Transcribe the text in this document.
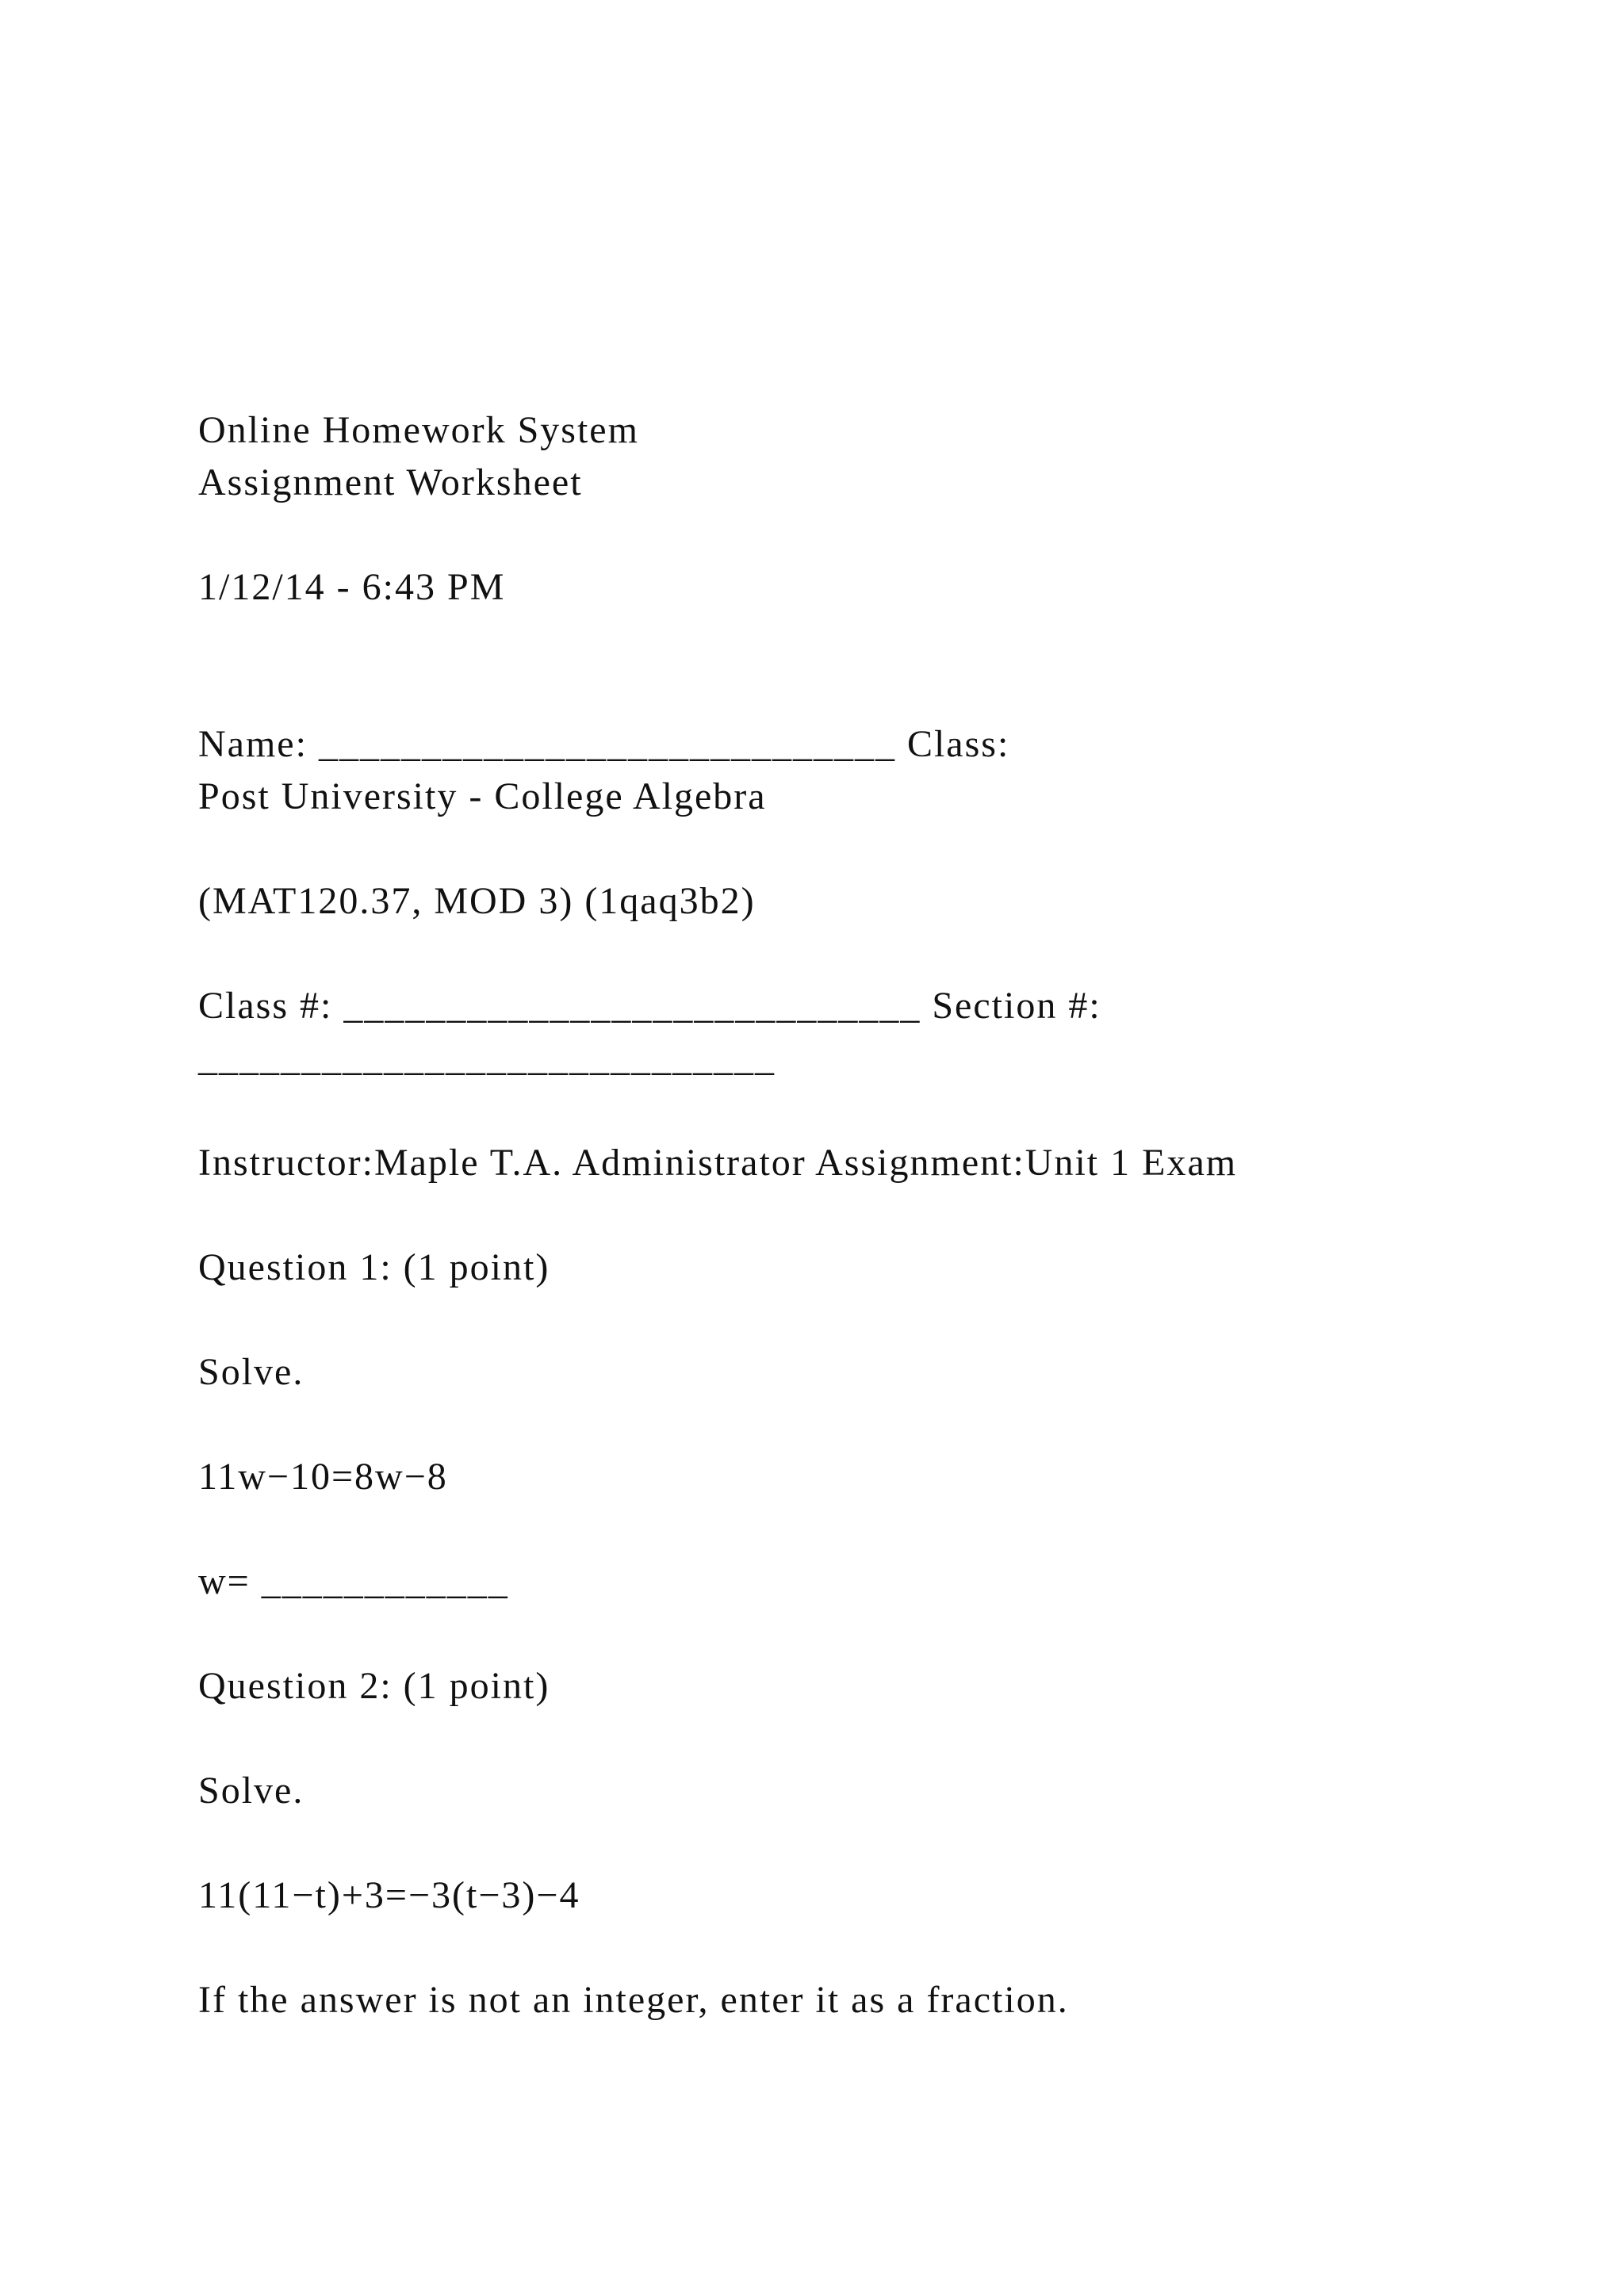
Online Homework System

Assignment Worksheet

1/12/14 - 6:43 PM

Name: ____________________________ Class:

Post University - College Algebra

(MAT120.37, MOD 3) (1qaq3b2)

Class #: ____________________________ Section #:

____________________________

Instructor:Maple T.A. Administrator Assignment:Unit 1 Exam

Question 1: (1 point)

Solve.

11w−10=8w−8

w= ____________

Question 2: (1 point)

Solve.

11(11−t)+3=−3(t−3)−4

If the answer is not an integer, enter it as a fraction.
